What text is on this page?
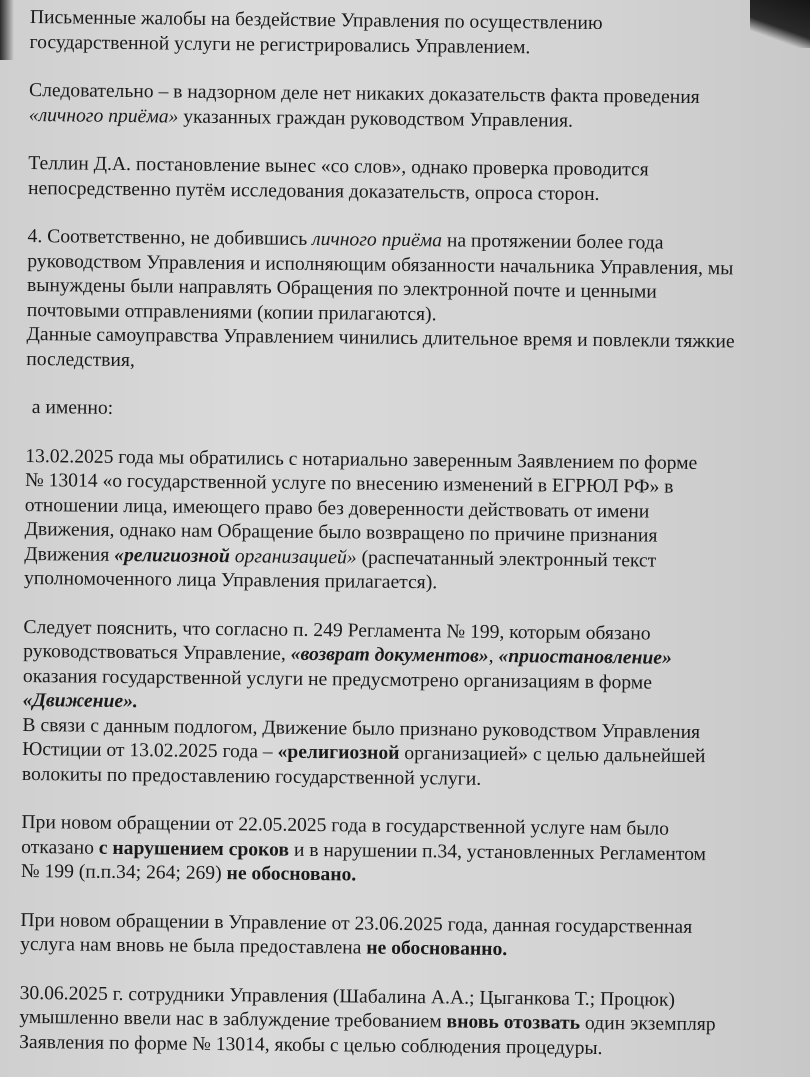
Письменные жалобы на бездействие Управления по осуществлению
государственной услуги не регистрировались Управлением.
Следовательно – в надзорном деле нет никаких доказательств факта проведения
«личного приёма» указанных граждан руководством Управления.
Теллин Д.А. постановление вынес «со слов», однако проверка проводится
непосредственно путём исследования доказательств, опроса сторон.
4. Соответственно, не добившись личного приёма на протяжении более года
руководством Управления и исполняющим обязанности начальника Управления, мы
вынуждены были направлять Обращения по электронной почте и ценными
почтовыми отправлениями (копии прилагаются).
Данные самоуправства Управлением чинились длительное время и повлекли тяжкие
последствия,
а именно:
13.02.2025 года мы обратились с нотариально заверенным Заявлением по форме
№ 13014 «о государственной услуге по внесению изменений в ЕГРЮЛ РФ» в
отношении лица, имеющего право без доверенности действовать от имени
Движения, однако нам Обращение было возвращено по причине признания
Движения «религиозной организацией» (распечатанный электронный текст
уполномоченного лица Управления прилагается).
Следует пояснить, что согласно п. 249 Регламента № 199, которым обязано
руководствоваться Управление, «возврат документов», «приостановление»
оказания государственной услуги не предусмотрено организациям в форме
«Движение».
В связи с данным подлогом, Движение было признано руководством Управления
Юстиции от 13.02.2025 года – «религиозной организацией» с целью дальнейшей
волокиты по предоставлению государственной услуги.
При новом обращении от 22.05.2025 года в государственной услуге нам было
отказано с нарушением сроков и в нарушении п.34, установленных Регламентом
№ 199 (п.п.34; 264; 269) не обосновано.
При новом обращении в Управление от 23.06.2025 года, данная государственная
услуга нам вновь не была предоставлена не обоснованно.
30.06.2025 г. сотрудники Управления (Шабалина А.А.; Цыганкова Т.; Процюк)
умышленно ввели нас в заблуждение требованием вновь отозвать один экземпляр
Заявления по форме № 13014, якобы с целью соблюдения процедуры.
